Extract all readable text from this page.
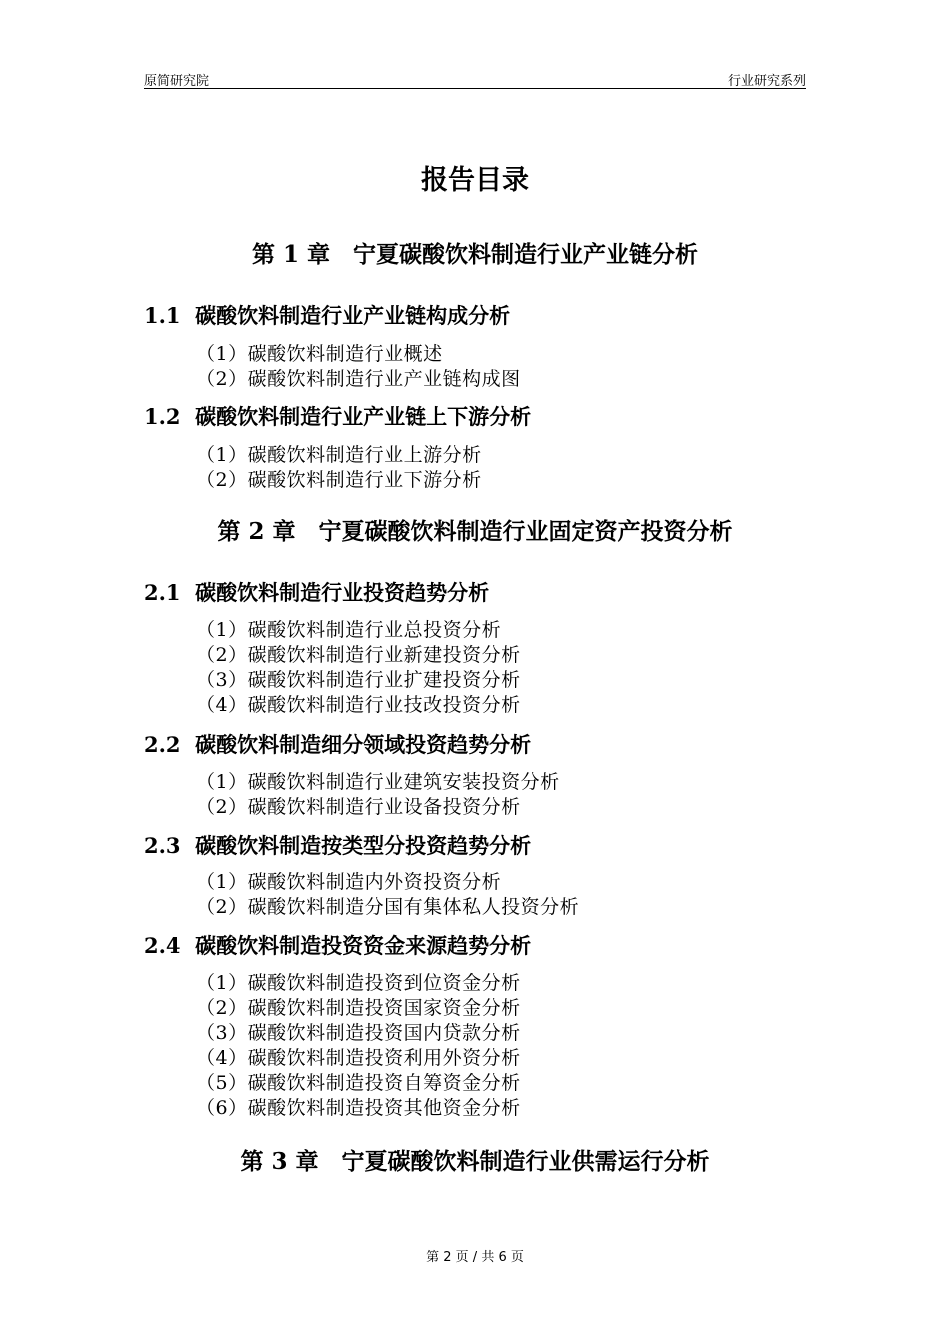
原简研究院	行业研究系列
报告目录
第 1 章　宁夏碳酸饮料制造行业产业链分析
1.1  碳酸饮料制造行业产业链构成分析
（1）碳酸饮料制造行业概述
（2）碳酸饮料制造行业产业链构成图
1.2  碳酸饮料制造行业产业链上下游分析
（1）碳酸饮料制造行业上游分析
（2）碳酸饮料制造行业下游分析
第 2 章　宁夏碳酸饮料制造行业固定资产投资分析
2.1  碳酸饮料制造行业投资趋势分析
（1）碳酸饮料制造行业总投资分析
（2）碳酸饮料制造行业新建投资分析
（3）碳酸饮料制造行业扩建投资分析
（4）碳酸饮料制造行业技改投资分析
2.2  碳酸饮料制造细分领域投资趋势分析
（1）碳酸饮料制造行业建筑安装投资分析
（2）碳酸饮料制造行业设备投资分析
2.3  碳酸饮料制造按类型分投资趋势分析
（1）碳酸饮料制造内外资投资分析
（2）碳酸饮料制造分国有集体私人投资分析
2.4  碳酸饮料制造投资资金来源趋势分析
（1）碳酸饮料制造投资到位资金分析
（2）碳酸饮料制造投资国家资金分析
（3）碳酸饮料制造投资国内贷款分析
（4）碳酸饮料制造投资利用外资分析
（5）碳酸饮料制造投资自筹资金分析
（6）碳酸饮料制造投资其他资金分析
第 3 章　宁夏碳酸饮料制造行业供需运行分析
第 2 页 / 共 6 页
